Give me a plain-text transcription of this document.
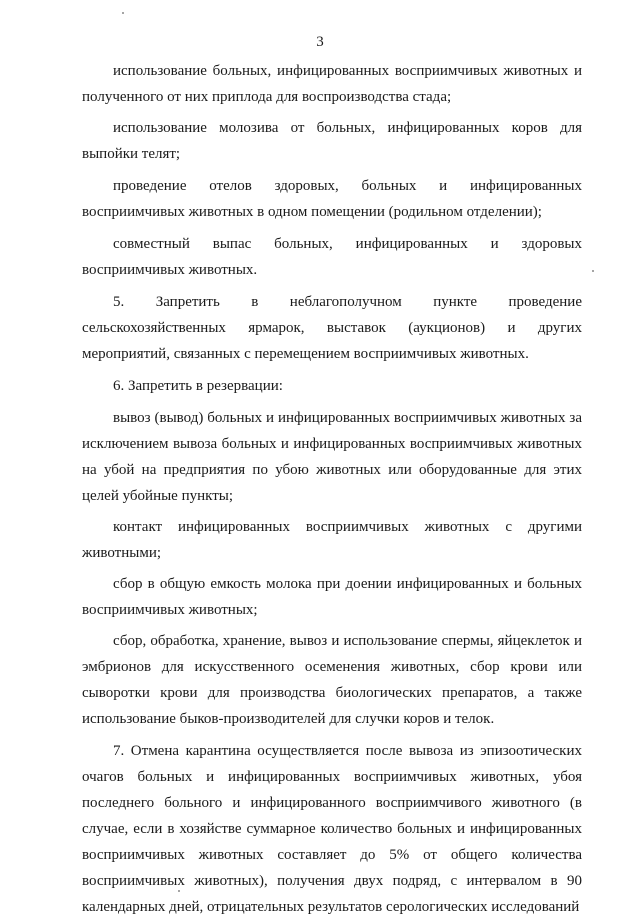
3
использование больных, инфицированных восприимчивых животных и
полученного от них приплода для воспроизводства стада;
использование молозива от больных, инфицированных коров для
выпойки телят;
проведение отелов здоровых, больных и инфицированных
восприимчивых животных в одном помещении (родильном отделении);
совместный выпас больных, инфицированных и здоровых
восприимчивых животных.
5. Запретить в неблагополучном пункте проведение
сельскохозяйственных ярмарок, выставок (аукционов) и других
мероприятий, связанных с перемещением восприимчивых животных.
6. Запретить в резервации:
вывоз (вывод) больных и инфицированных восприимчивых животных за
исключением вывоза больных и инфицированных восприимчивых животных
на убой на предприятия по убою животных или оборудованные для этих
целей убойные пункты;
контакт инфицированных восприимчивых животных с другими
животными;
сбор в общую емкость молока при доении инфицированных и больных
восприимчивых животных;
сбор, обработка, хранение, вывоз и использование спермы, яйцеклеток и
эмбрионов для искусственного осеменения животных, сбор крови или
сыворотки крови для производства биологических препаратов, а также
использование быков-производителей для случки коров и телок.
7. Отмена карантина осуществляется после вывоза из эпизоотических
очагов больных и инфицированных восприимчивых животных, убоя
последнего больного и инфицированного восприимчивого животного (в
случае, если в хозяйстве суммарное количество больных и инфицированных
восприимчивых животных составляет до 5% от общего количества
восприимчивых животных), получения двух подряд, с интервалом в 90
календарных дней, отрицательных результатов серологических исследований
